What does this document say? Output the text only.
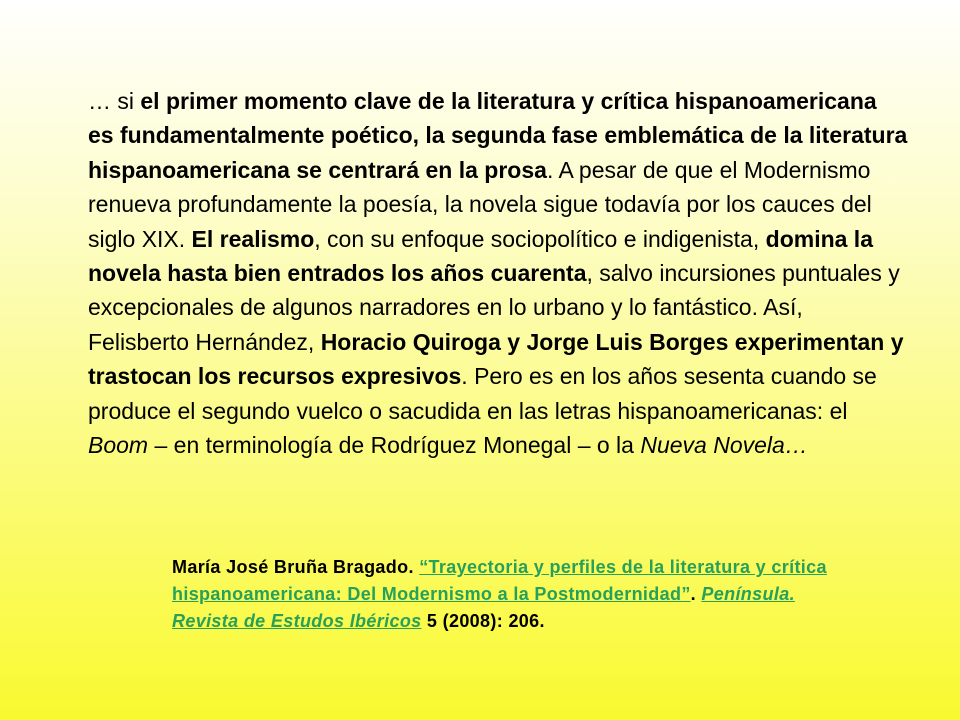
… si el primer momento clave de la literatura y crítica hispanoamericana es fundamentalmente poético, la segunda fase emblemática de la literatura hispanoamericana se centrará en la prosa. A pesar de que el Modernismo renueva profundamente la poesía, la novela sigue todavía por los cauces del siglo XIX. El realismo, con su enfoque sociopolítico e indigenista, domina la novela hasta bien entrados los años cuarenta, salvo incursiones puntuales y excepcionales de algunos narradores en lo urbano y lo fantástico. Así, Felisberto Hernández, Horacio Quiroga y Jorge Luis Borges experimentan y trastocan los recursos expresivos. Pero es en los años sesenta cuando se produce el segundo vuelco o sacudida en las letras hispanoamericanas: el Boom – en terminología de Rodríguez Monegal – o la Nueva Novela…

María José Bruña Bragado. “Trayectoria y perfiles de la literatura y crítica hispanoamericana: Del Modernismo a la Postmodernidad”. Península. Revista de Estudos Ibéricos 5 (2008): 206.
